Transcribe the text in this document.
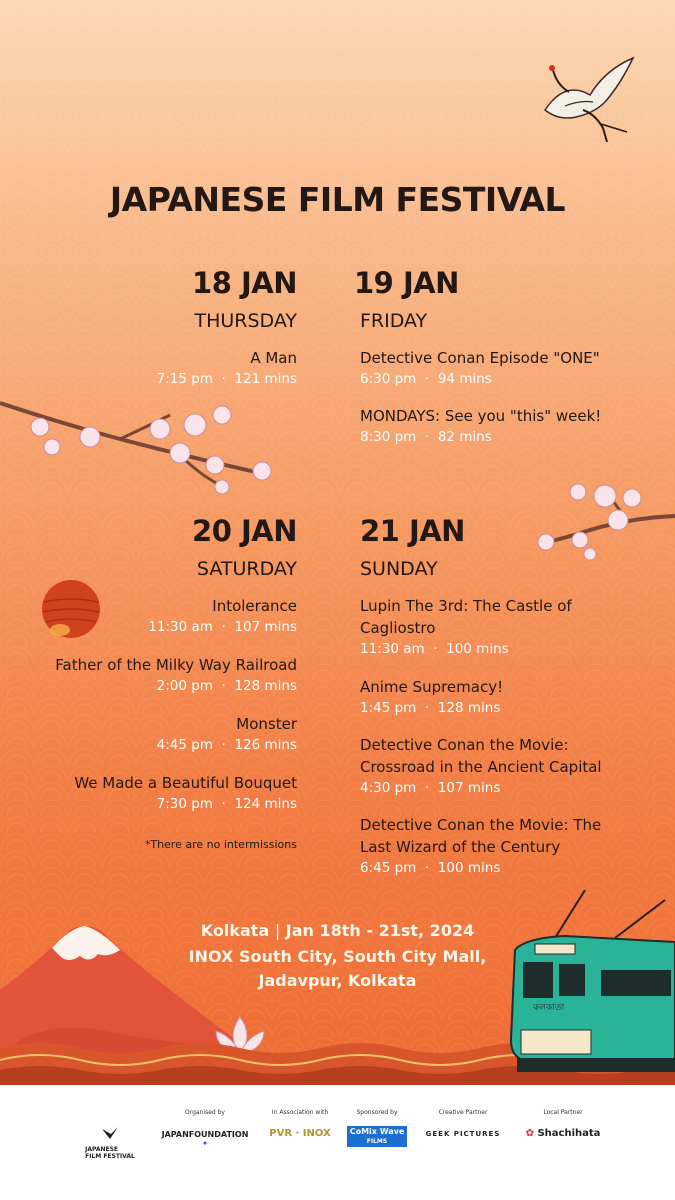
JAPANESE FILM FESTIVAL
18 JAN
THURSDAY
A Man
7:15 pm · 121 mins
19 JAN
FRIDAY
Detective Conan Episode "ONE"
6:30 pm · 94 mins
MONDAYS: See you "this" week!
8:30 pm · 82 mins
20 JAN
SATURDAY
Intolerance
11:30 am · 107 mins
Father of the Milky Way Railroad
2:00 pm · 128 mins
Monster
4:45 pm · 126 mins
We Made a Beautiful Bouquet
7:30 pm · 124 mins
*There are no intermissions
21 JAN
SUNDAY
Lupin The 3rd: The Castle of
Cagliostro
11:30 am · 100 mins
Anime Supremacy!
1:45 pm · 128 mins
Detective Conan the Movie:
Crossroad in the Ancient Capital
4:30 pm · 107 mins
Detective Conan the Movie: The
Last Wizard of the Century
6:45 pm · 100 mins
কলকাতা
Kolkata | Jan 18th - 21st, 2024
INOX South City, South City Mall,
Jadavpur, Kolkata
JAPANESE
FILM FESTIVAL
Organised by
JAPANFOUNDATION ✦
In Association with
PVR · INOX
Sponsored by
CoMix Wave
FILMS
Creative Partner
GEEK PICTURES
Local Partner
✿ Shachihata
